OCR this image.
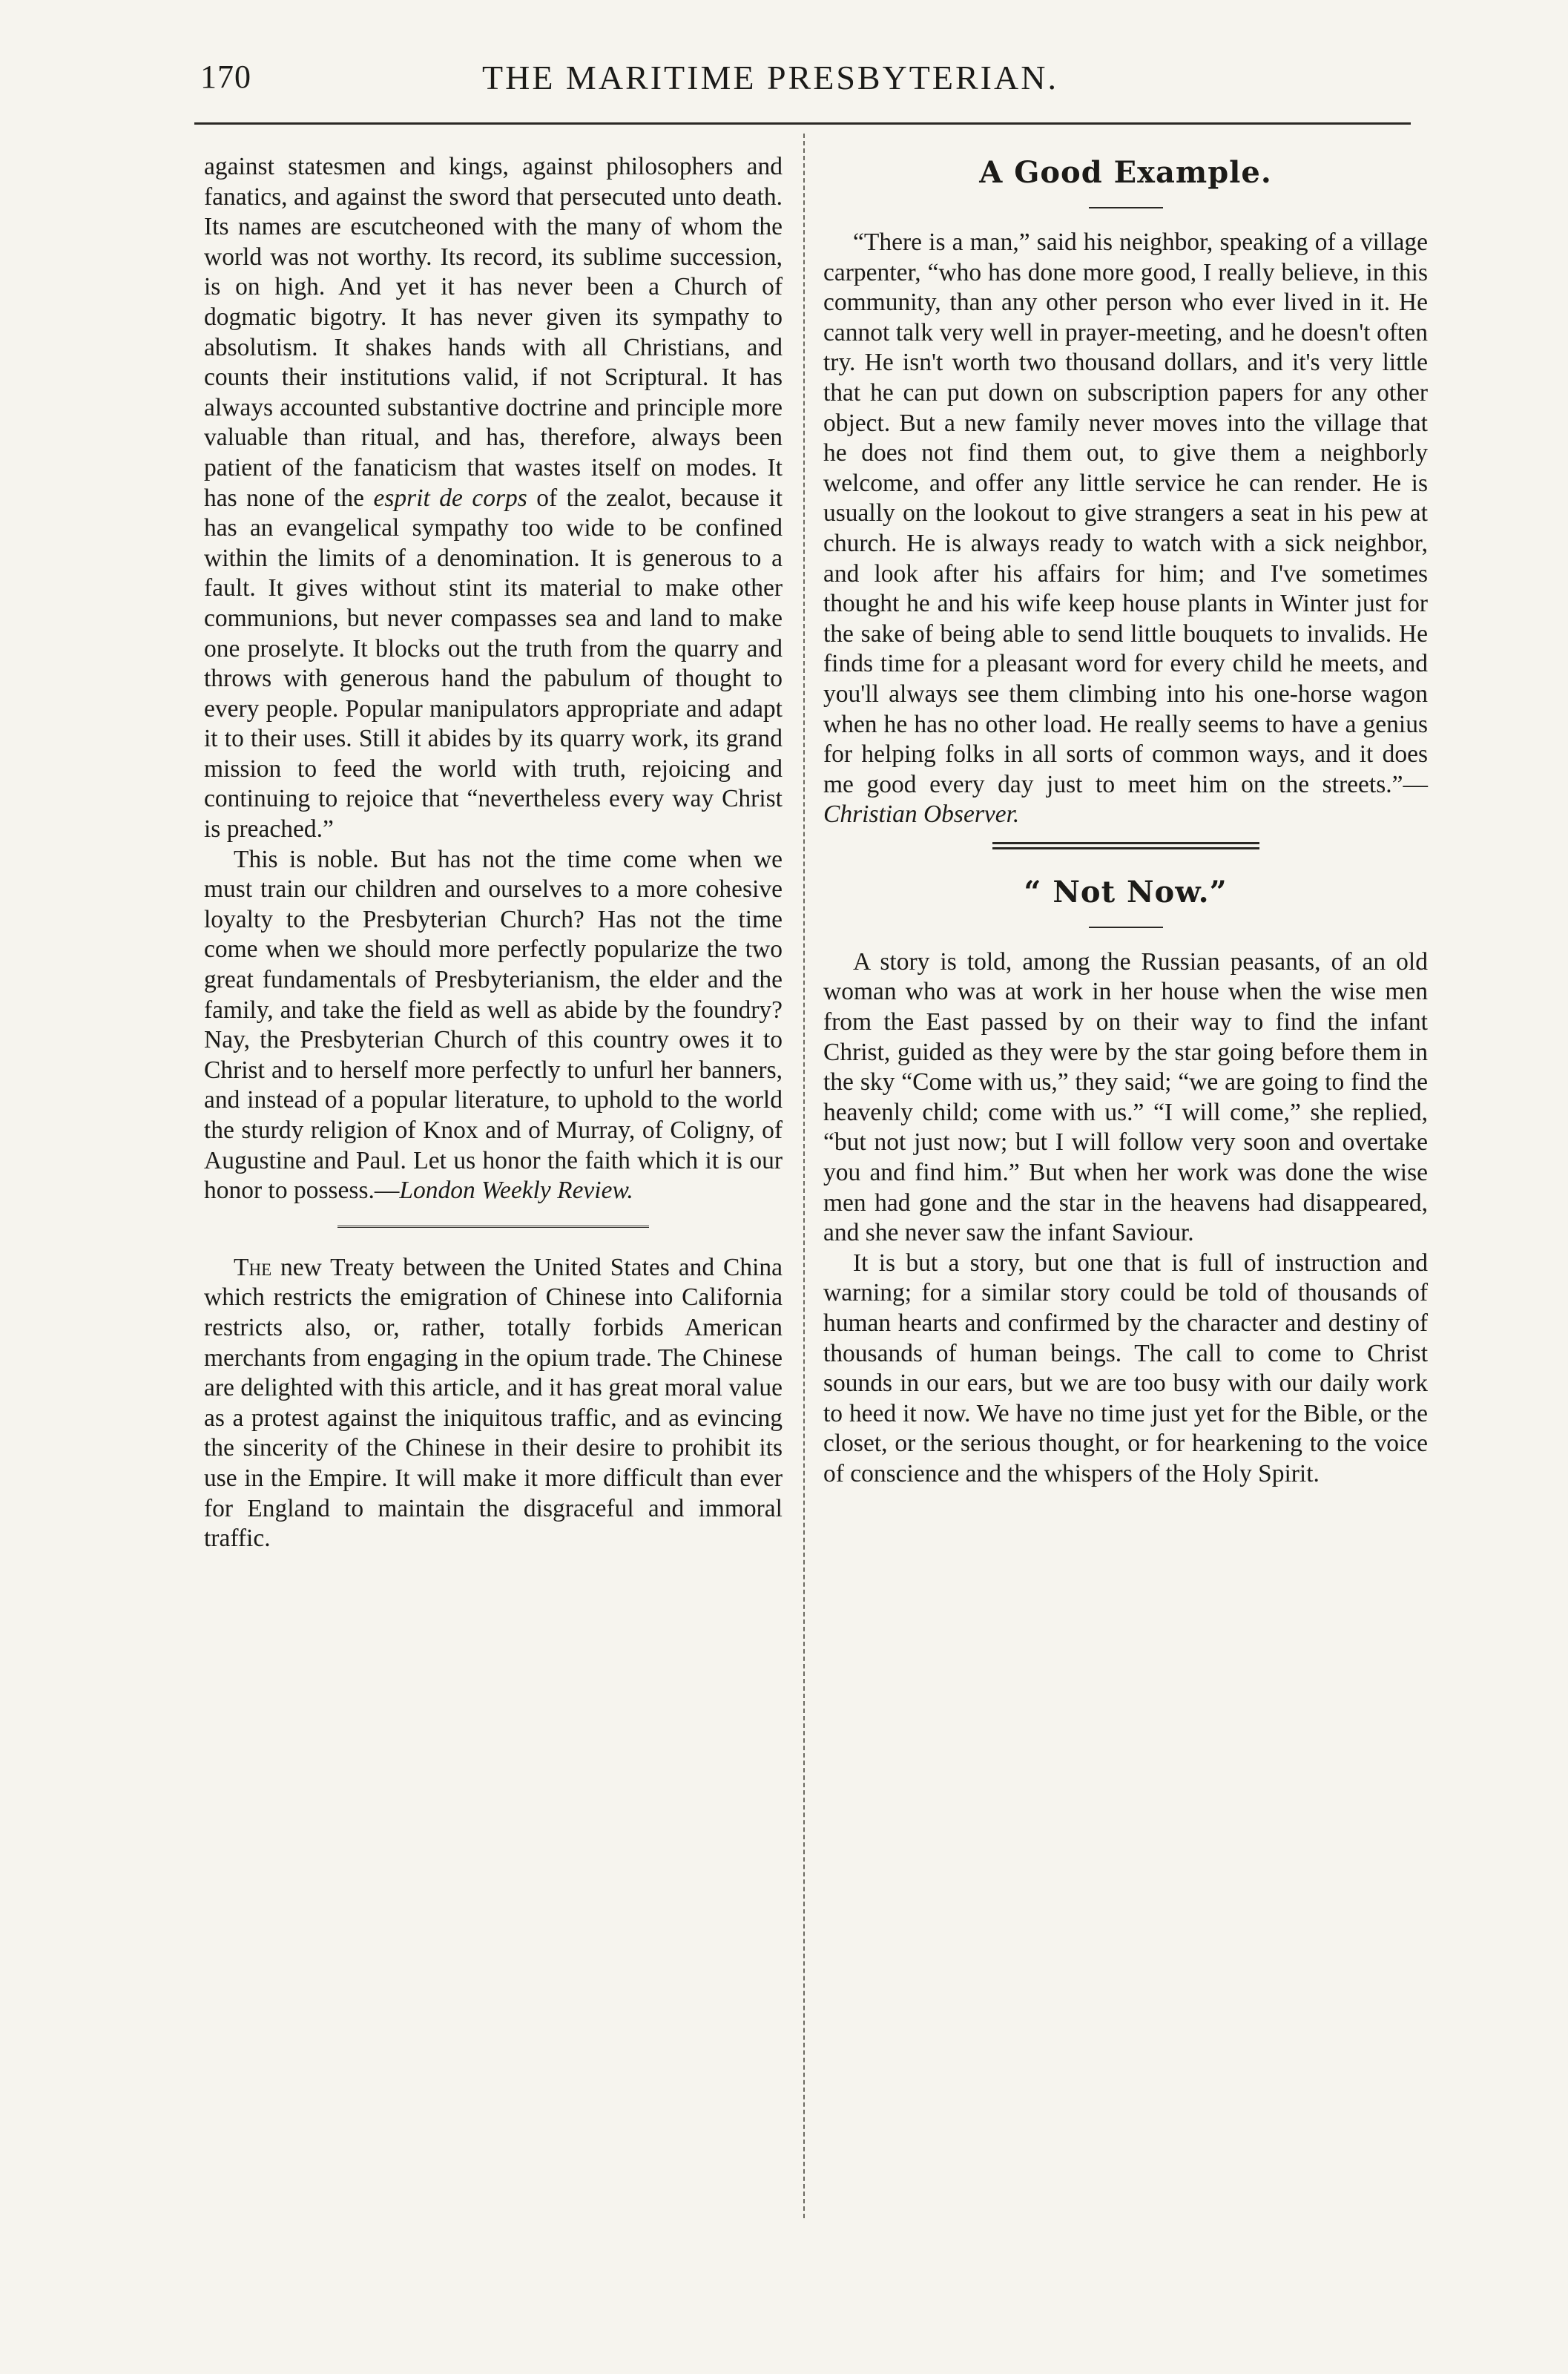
170	THE MARITIME PRESBYTERIAN.

against statesmen and kings, against philosophers and fanatics, and against the sword that persecuted unto death. Its names are escutcheoned with the many of whom the world was not worthy. Its record, its sublime succession, is on high. And yet it has never been a Church of dogmatic bigotry. It has never given its sympathy to absolutism. It shakes hands with all Christians, and counts their institutions valid, if not Scriptural. It has always accounted substantive doctrine and principle more valuable than ritual, and has, therefore, always been patient of the fanaticism that wastes itself on modes. It has none of the esprit de corps of the zealot, because it has an evangelical sympathy too wide to be confined within the limits of a denomination. It is generous to a fault. It gives without stint its material to make other communions, but never compasses sea and land to make one proselyte. It blocks out the truth from the quarry and throws with generous hand the pabulum of thought to every people. Popular manipulators appropriate and adapt it to their uses. Still it abides by its quarry work, its grand mission to feed the world with truth, rejoicing and continuing to rejoice that “nevertheless every way Christ is preached.”

This is noble. But has not the time come when we must train our children and ourselves to a more cohesive loyalty to the Presbyterian Church? Has not the time come when we should more perfectly popularize the two great fundamentals of Presbyterianism, the elder and the family, and take the field as well as abide by the foundry? Nay, the Presbyterian Church of this country owes it to Christ and to herself more perfectly to unfurl her banners, and instead of a popular literature, to uphold to the world the sturdy religion of Knox and of Murray, of Coligny, of Augustine and Paul. Let us honor the faith which it is our honor to possess.—London Weekly Review.

The new Treaty between the United States and China which restricts the emigration of Chinese into California restricts also, or, rather, totally forbids American merchants from engaging in the opium trade. The Chinese are delighted with this article, and it has great moral value as a protest against the iniquitous traffic, and as evincing the sincerity of the Chinese in their desire to prohibit its use in the Empire. It will make it more difficult than ever for England to maintain the disgraceful and immoral traffic.

A Good Example.

“There is a man,” said his neighbor, speaking of a village carpenter, “who has done more good, I really believe, in this community, than any other person who ever lived in it. He cannot talk very well in prayer-meeting, and he doesn't often try. He isn't worth two thousand dollars, and it's very little that he can put down on subscription papers for any other object. But a new family never moves into the village that he does not find them out, to give them a neighborly welcome, and offer any little service he can render. He is usually on the lookout to give strangers a seat in his pew at church. He is always ready to watch with a sick neighbor, and look after his affairs for him; and I've sometimes thought he and his wife keep house plants in Winter just for the sake of being able to send little bouquets to invalids. He finds time for a pleasant word for every child he meets, and you'll always see them climbing into his one-horse wagon when he has no other load. He really seems to have a genius for helping folks in all sorts of common ways, and it does me good every day just to meet him on the streets.”—Christian Observer.

“ Not Now.”

A story is told, among the Russian peasants, of an old woman who was at work in her house when the wise men from the East passed by on their way to find the infant Christ, guided as they were by the star going before them in the sky “Come with us,” they said; “we are going to find the heavenly child; come with us.” “I will come,” she replied, “but not just now; but I will follow very soon and overtake you and find him.” But when her work was done the wise men had gone and the star in the heavens had disappeared, and she never saw the infant Saviour.

It is but a story, but one that is full of instruction and warning; for a similar story could be told of thousands of human hearts and confirmed by the character and destiny of thousands of human beings. The call to come to Christ sounds in our ears, but we are too busy with our daily work to heed it now. We have no time just yet for the Bible, or the closet, or the serious thought, or for hearkening to the voice of conscience and the whispers of the Holy Spirit.
